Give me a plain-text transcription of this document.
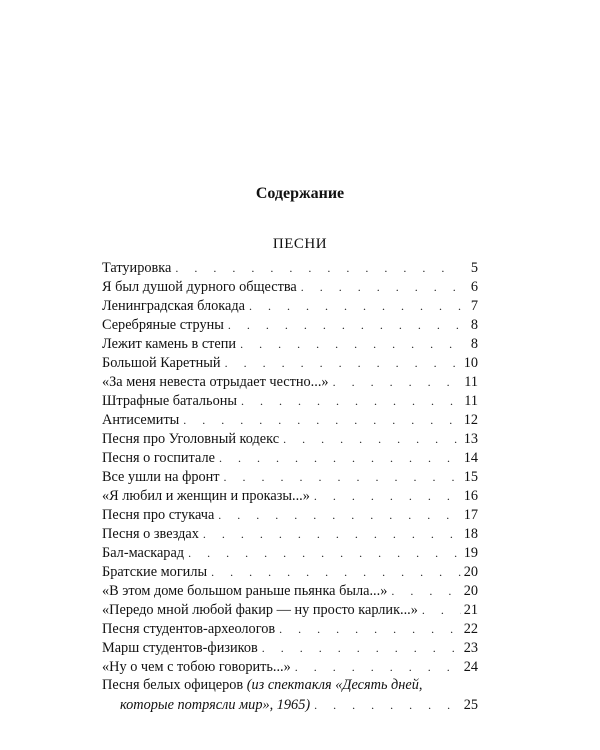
Содержание
ПЕСНИ
Татуировка . . .	5
Я был душой дурного общества . . .	6
Ленинградская блокада . . .	7
Серебряные струны . . .	8
Лежит камень в степи . . .	8
Большой Каретный . . .	10
«За меня невеста отрыдает честно...» . . .	11
Штрафные батальоны . . .	11
Антисемиты . . .	12
Песня про Уголовный кодекс . . .	13
Песня о госпитале . . .	14
Все ушли на фронт . . .	15
«Я любил и женщин и проказы...» . . .	16
Песня про стукача . . .	17
Песня о звездах . . .	18
Бал-маскарад . . .	19
Братские могилы . . .	20
«В этом доме большом раньше пьянка была...» . . .	20
«Передо мной любой факир — ну просто карлик...» . . .	21
Песня студентов-археологов . . .	22
Марш студентов-физиков . . .	23
«Ну о чем с тобою говорить...» . . .	24
Песня белых офицеров (из спектакля «Десять дней,
которые потрясли мир», 1965) . . .	25
